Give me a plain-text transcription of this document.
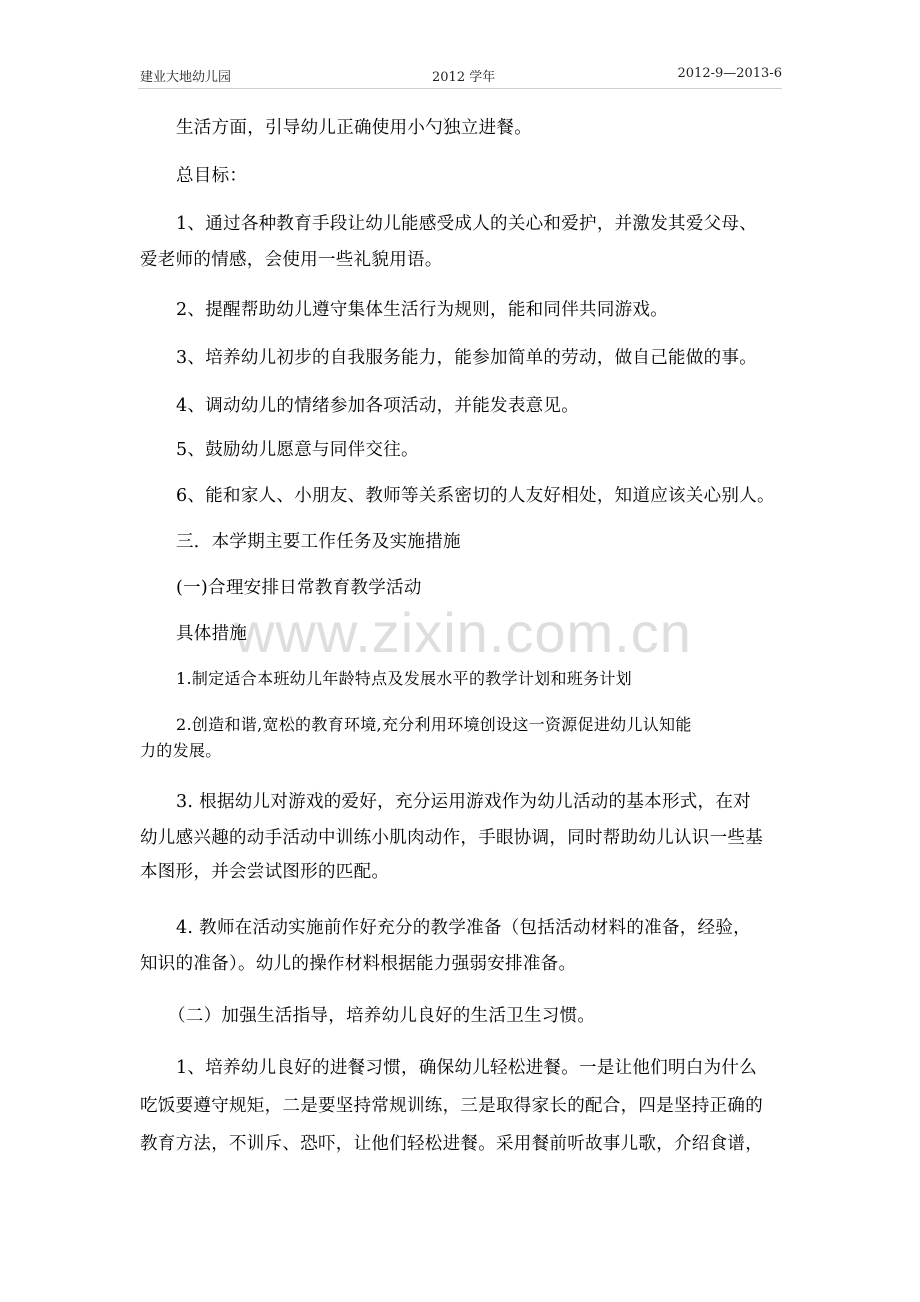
建业大地幼儿园	2012 学年	2012-9—2013-6
www.zixin.com.cn
生活方面，引导幼儿正确使用小勺独立进餐。
总目标：
1、通过各种教育手段让幼儿能感受成人的关心和爱护，并激发其爱父母、
爱老师的情感，会使用一些礼貌用语。
2、提醒帮助幼儿遵守集体生活行为规则，能和同伴共同游戏。
3、培养幼儿初步的自我服务能力，能参加简单的劳动，做自己能做的事。
4、调动幼儿的情绪参加各项活动，并能发表意见。
5、鼓励幼儿愿意与同伴交往。
6、能和家人、小朋友、教师等关系密切的人友好相处，知道应该关心别人。
三．本学期主要工作任务及实施措施
(一)合理安排日常教育教学活动
具体措施
1.制定适合本班幼儿年龄特点及发展水平的教学计划和班务计划
2.创造和谐,宽松的教育环境,充分利用环境创设这一资源促进幼儿认知能
力的发展。
3. 根据幼儿对游戏的爱好，充分运用游戏作为幼儿活动的基本形式，在对
幼儿感兴趣的动手活动中训练小肌肉动作，手眼协调，同时帮助幼儿认识一些基
本图形，并会尝试图形的匹配。
4. 教师在活动实施前作好充分的教学准备（包括活动材料的准备，经验，
知识的准备）。幼儿的操作材料根据能力强弱安排准备。
（二）加强生活指导，培养幼儿良好的生活卫生习惯。
1、培养幼儿良好的进餐习惯，确保幼儿轻松进餐。一是让他们明白为什么
吃饭要遵守规矩，二是要坚持常规训练，三是取得家长的配合，四是坚持正确的
教育方法，不训斥、恐吓，让他们轻松进餐。采用餐前听故事儿歌，介绍食谱，
